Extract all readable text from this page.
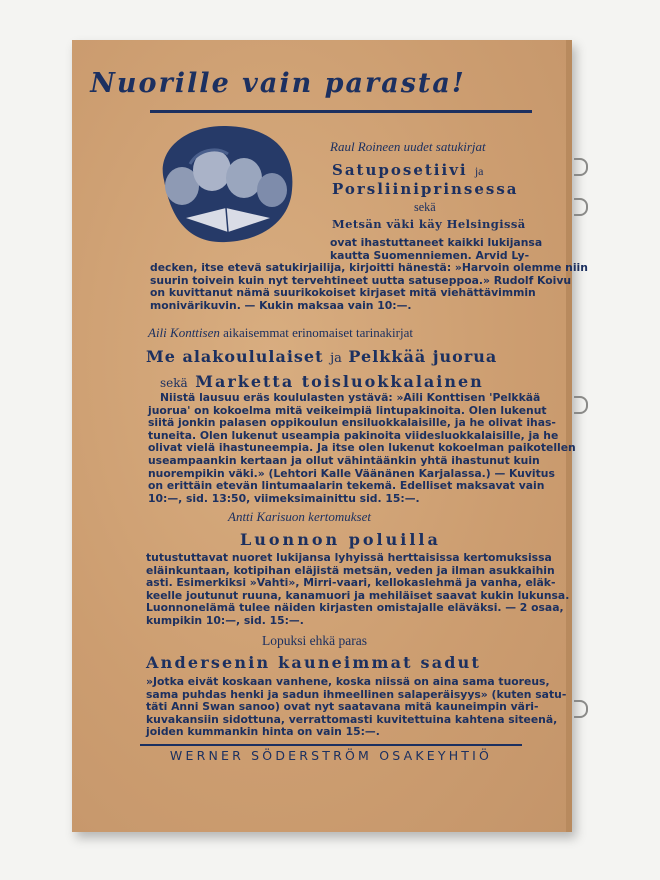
Nuorille vain parasta!
Raul Roineen uudet satukirjat
Satuposetiivi ja
Porsliiniprinsessa
sekä
Metsän väki käy Helsingissä
ovat ihastuttaneet kaikki lukijansa
kautta Suomenniemen. Arvid Ly-
decken, itse etevä satukirjailija, kirjoitti hänestä: »Harvoin olemme niin
suurin toivein kuin nyt tervehtineet uutta satuseppoa.» Rudolf Koivu
on kuvittanut nämä suurikokoiset kirjaset mitä viehättävimmin
monivärikuvin. — Kukin maksaa vain 10:—.
Aili Konttisen aikaisemmat erinomaiset tarinakirjat
Me alakoululaiset ja Pelkkää juorua
sekä Marketta toisluokkalainen
Niistä lausuu eräs koululasten ystävä: »Aili Konttisen 'Pelkkää
juorua' on kokoelma mitä veikeimpiä lintupakinoita. Olen lukenut
siitä jonkin palasen oppikoulun ensiluokkalaisille, ja he olivat ihas-
tuneita. Olen lukenut useampia pakinoita viidesluokkalaisille, ja he
olivat vielä ihastuneempia. Ja itse olen lukenut kokoelman paikotellen
useampaankin kertaan ja ollut vähintäänkin yhtä ihastunut kuin
nuorempikin väki.» (Lehtori Kalle Väänänen Karjalassa.) — Kuvitus
on erittäin etevän lintumaalarin tekemä. Edelliset maksavat vain
10:—, sid. 13:50, viimeksimainittu sid. 15:—.
Antti Karisuon kertomukset
Luonnon poluilla
tutustuttavat nuoret lukijansa lyhyissä herttaisissa kertomuksissa
eläinkuntaan, kotipihan eläjistä metsän, veden ja ilman asukkaihin
asti. Esimerkiksi »Vahti», Mirri-vaari, kellokaslehmä ja vanha, eläk-
keelle joutunut ruuna, kanamuori ja mehiläiset saavat kukin lukunsa.
Luonnonelämä tulee näiden kirjasten omistajalle eläväksi. — 2 osaa,
kumpikin 10:—, sid. 15:—.
Lopuksi ehkä paras
Andersenin kauneimmat sadut
»Jotka eivät koskaan vanhene, koska niissä on aina sama tuoreus,
sama puhdas henki ja sadun ihmeellinen salaperäisyys» (kuten satu-
täti Anni Swan sanoo) ovat nyt saatavana mitä kauneimpin väri-
kuvakansiin sidottuna, verrattomasti kuvitettuina kahtena siteenä,
joiden kummankin hinta on vain 15:—.
WERNER SÖDERSTRÖM OSAKEYHTIÖ
